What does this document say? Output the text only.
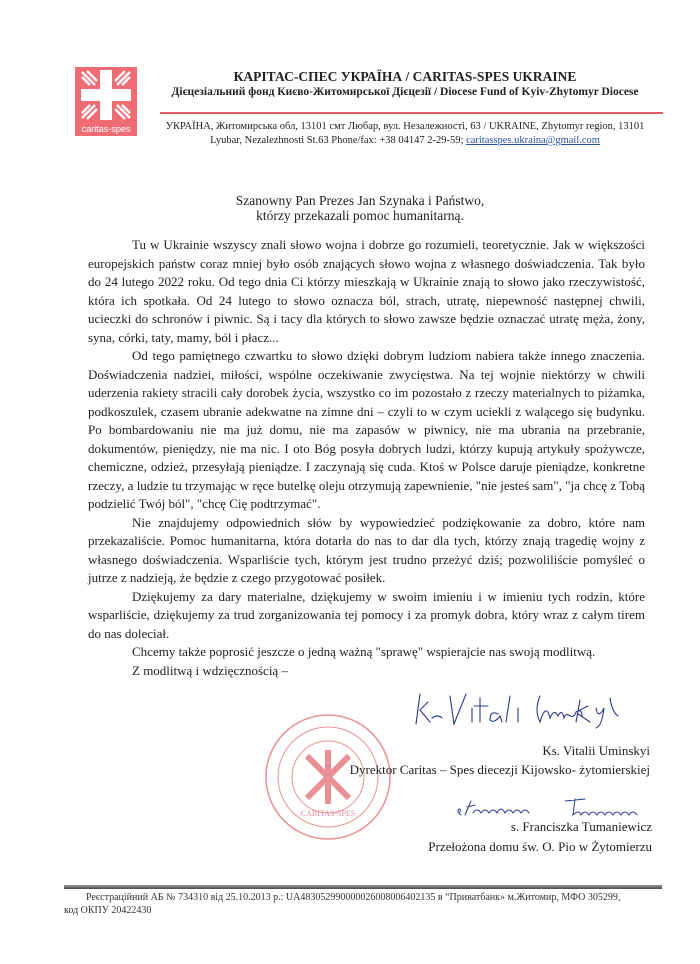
caritas-spes
КАРІТАС-СПЕС УКРАЇНА / CARITAS-SPES UKRAINE
Дієцезіальний фонд Києво-Житомирської Дієцезії / Diocese Fund of Kyiv-Zhytomyr Diocese
УКРАЇНА, Житомирська обл, 13101 смт Любар, вул. Незалежності, 63 / UKRAINE, Zhytomyr region, 13101
Lyubar, Nezalezhnosti St.63 Phone/fax: +38 04147 2-29-59; caritasspes.ukraina@gmail.com
Szanowny Pan Prezes Jan Szynaka i Państwo,
którzy przekazali pomoc humanitarną.

Tu w Ukrainie wszyscy znali słowo wojna i dobrze go rozumieli, teoretycznie. Jak w większości europejskich państw coraz mniej było osób znających słowo wojna z własnego doświadczenia. Tak było do 24 lutego 2022 roku. Od tego dnia Ci którzy mieszkają w Ukrainie znają to słowo jako rzeczywistość, która ich spotkała. Od 24 lutego to słowo oznacza ból, strach, utratę, niepewność następnej chwili, ucieczki do schronów i piwnic. Są i tacy dla których to słowo zawsze będzie oznaczać utratę męża, żony, syna, córki, taty, mamy, ból i płacz...

Od tego pamiętnego czwartku to słowo dzięki dobrym ludziom nabiera także innego znaczenia. Doświadczenia nadziei, miłości, wspólne oczekiwanie zwycięstwa. Na tej wojnie niektórzy w chwili uderzenia rakiety stracili cały dorobek życia, wszystko co im pozostało z rzeczy materialnych to piżamka, podkoszulek, czasem ubranie adekwatne na zimne dni – czyli to w czym uciekli z walącego się budynku. Po bombardowaniu nie ma już domu, nie ma zapasów w piwnicy, nie ma ubrania na przebranie, dokumentów, pieniędzy, nie ma nic. I oto Bóg posyła dobrych ludzi, którzy kupują artykuły spożywcze, chemiczne, odzież, przesyłają pieniądze. I zaczynają się cuda. Ktoś w Polsce daruje pieniądze, konkretne rzeczy, a ludzie tu trzymając w ręce butelkę oleju otrzymują zapewnienie, "nie jesteś sam", "ja chcę z Tobą podzielić Twój ból", "chcę Cię podtrzymać".

Nie znajdujemy odpowiednich słów by wypowiedzieć podziękowanie za dobro, które nam przekazaliście. Pomoc humanitarna, która dotarła do nas to dar dla tych, którzy znają tragedię wojny z własnego doświadczenia. Wsparliście tych, którym jest trudno przeżyć dziś; pozwoliliście pomyśleć o jutrze z nadzieją, że będzie z czego przygotować posiłek.

Dziękujemy za dary materialne, dziękujemy w swoim imieniu i w imieniu tych rodzin, które wsparliście, dziękujemy za trud zorganizowania tej pomocy i za promyk dobra, który wraz z całym tirem do nas doleciał.

Chcemy także poprosić jeszcze o jedną ważną "sprawę" wspierajcie nas swoją modlitwą.

Z modlitwą i wdzięcznością –

CARITAS-SPES
Ks. Vitalii Uminskyi
Dyrektor Caritas – Spes diecezji Kijowsko- żytomierskiej
s. Franciszka Tumaniewicz
Przełożona domu św. O. Pio w Żytomierzu
Реєстраційний АБ № 734310 від 25.10.2013 р.: UA483052990000026008006402135 в “Приватбанк» м.Житомир, МФО 305299,
код ОКПУ 20422430
